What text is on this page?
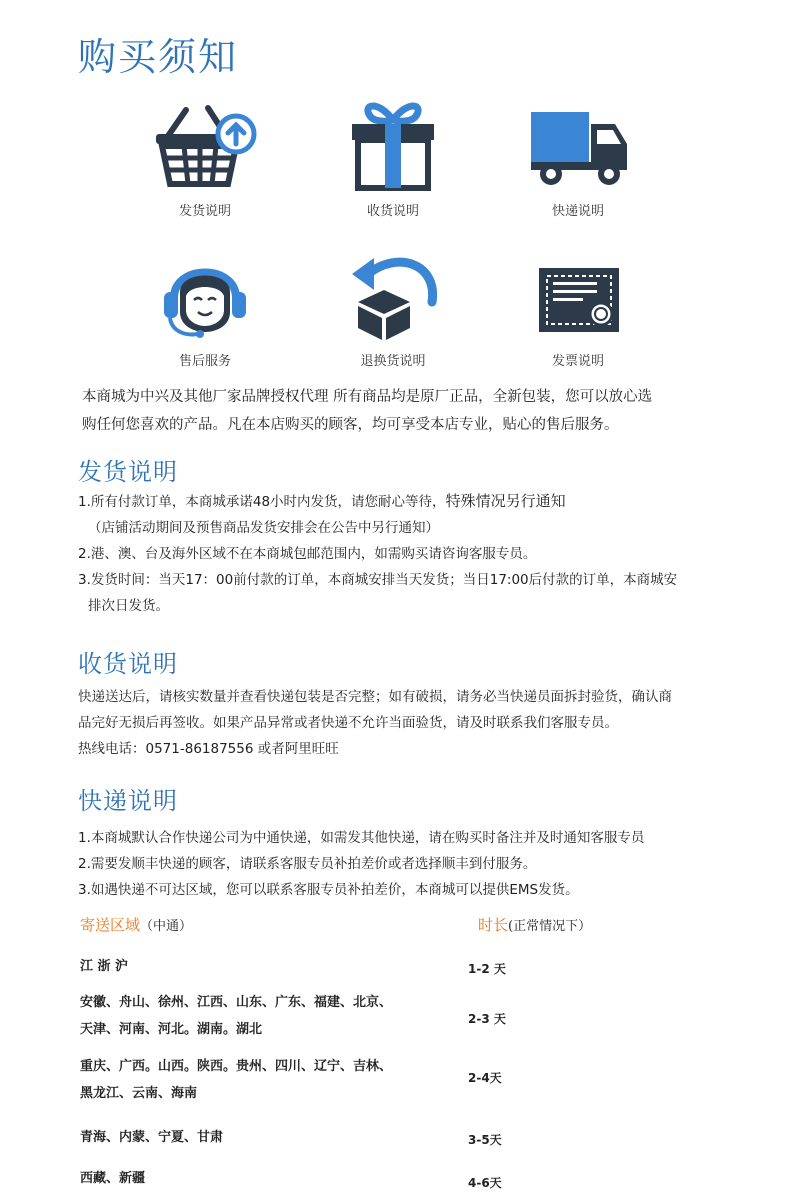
购买须知
发货说明	收货说明	快递说明
售后服务	退换货说明	发票说明
本商城为中兴及其他厂家品牌授权代理 所有商品均是原厂正品，全新包装，您可以放心选
购任何您喜欢的产品。凡在本店购买的顾客，均可享受本店专业，贴心的售后服务。
发货说明
1.所有付款订单，本商城承诺48小时内发货，请您耐心等待，特殊情况另行通知
（店铺活动期间及预售商品发货安排会在公告中另行通知）
2.港、澳、台及海外区域不在本商城包邮范围内，如需购买请咨询客服专员。
3.发货时间：当天17：00前付款的订单，本商城安排当天发货；当日17:00后付款的订单，本商城安
排次日发货。
收货说明
快递送达后，请核实数量并查看快递包装是否完整；如有破损，请务必当快递员面拆封验货，确认商
品完好无损后再签收。如果产品异常或者快递不允许当面验货，请及时联系我们客服专员。
热线电话：0571-86187556 或者阿里旺旺
快递说明
1.本商城默认合作快递公司为中通快递，如需发其他快递，请在购买时备注并及时通知客服专员
2.需要发顺丰快递的顾客，请联系客服专员补拍差价或者选择顺丰到付服务。
3.如遇快递不可达区域，您可以联系客服专员补拍差价，本商城可以提供EMS发货。
寄送区域（中通）	时长(正常情况下）
江 浙 沪	1-2 天
安徽、舟山、徐州、江西、山东、广东、福建、北京、
天津、河南、河北。湖南。湖北
2-3 天
重庆、广西。山西。陕西。贵州、四川、辽宁、吉林、
黑龙江、云南、海南
2-4天
青海、内蒙、宁夏、甘肃	3-5天
西藏、新疆	4-6天
